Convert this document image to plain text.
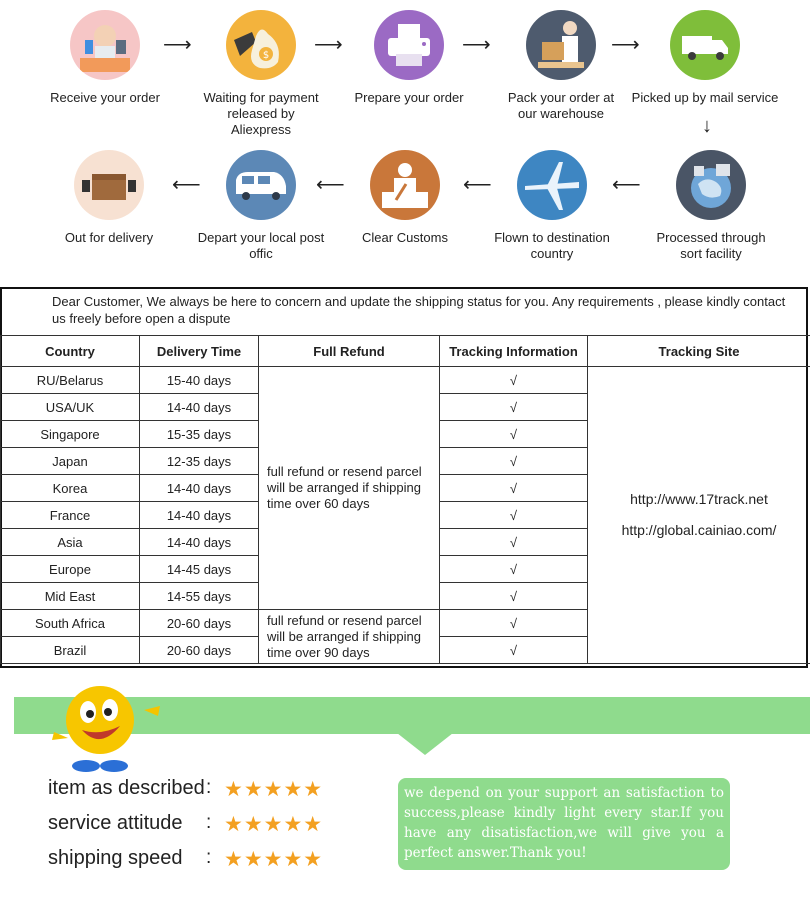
Receive your order
⟶	$
Waiting for payment released by Aliexpress
⟶
Prepare your order
⟶
Pack your order at our warehouse
⟶
Picked up by mail service
↓
Processed through sort facility
⟵
Flown to destination country
⟵
Clear Customs
⟵
Depart your local post offic
⟵
Out for delivery
Dear Customer, We always be here to concern and update the shipping status for you. Any requirements , please kindly contact us freely before open a dispute
Country	Delivery Time	Full Refund	Tracking Information	Tracking Site
RU/Belarus	15-40 days	full refund or resend parcel will be arranged if shipping time over 60 days	√	http://www.17track.net
http://global.cainiao.com/

USA/UK	14-40 days		√	
Singapore	15-35 days		√	
Japan	12-35 days		√	
Korea	14-40 days		√	
France	14-40 days		√	
Asia	14-40 days		√	
Europe	14-45 days		√	
Mid East	14-55 days		√	
South Africa	20-60 days	full refund or resend parcel will be arranged if shipping time over 90 days	√	
Brazil	20-60 days		√	
item as described : ★★★★★
service attitude : ★★★★★
shipping speed : ★★★★★
we depend on your support an satisfaction to success,please kindly light every star.If you have any disatisfaction,we will give you a perfect answer.Thank you!
